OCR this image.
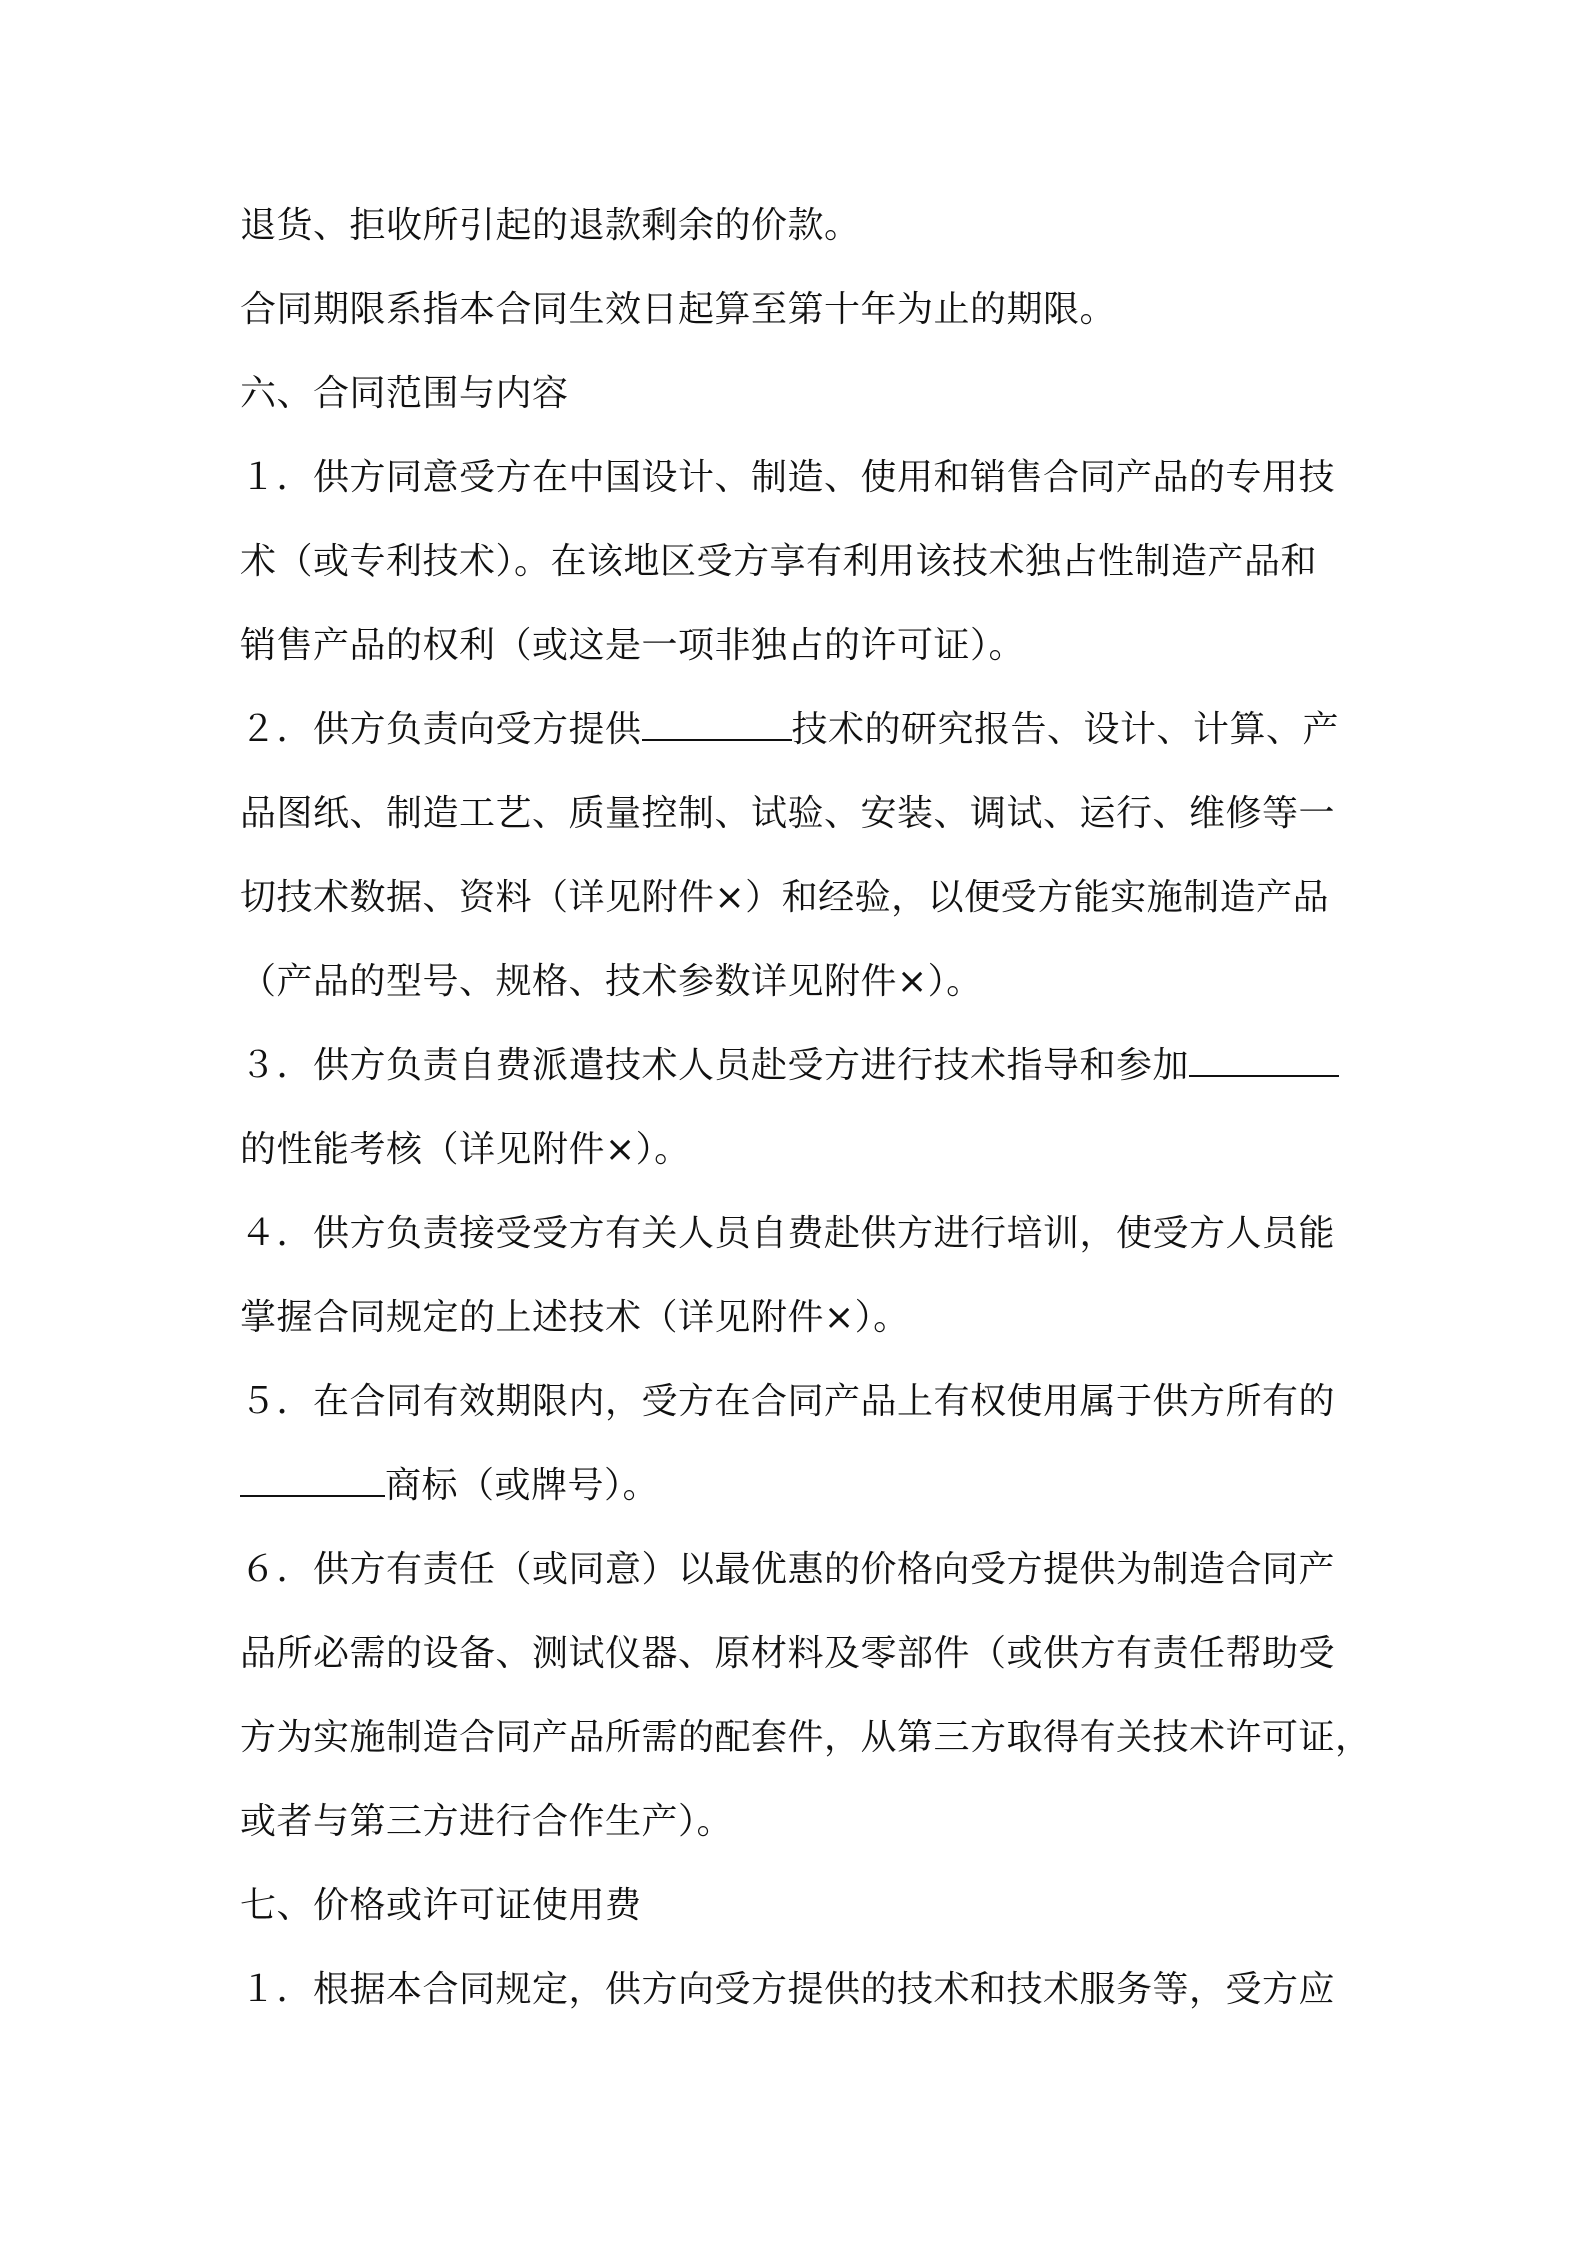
退货、拒收所引起的退款剩余的价款。
合同期限系指本合同生效日起算至第十年为止的期限。
六、合同范围与内容
１．供方同意受方在中国设计、制造、使用和销售合同产品的专用技
术（或专利技术）。在该地区受方享有利用该技术独占性制造产品和
销售产品的权利（或这是一项非独占的许可证）。
２．供方负责向受方提供	技术的研究报告、设计、计算、产
品图纸、制造工艺、质量控制、试验、安装、调试、运行、维修等一
切技术数据、资料（详见附件×）和经验，以便受方能实施制造产品
（产品的型号、规格、技术参数详见附件×）。
３．供方负责自费派遣技术人员赴受方进行技术指导和参加
的性能考核（详见附件×）。
４．供方负责接受受方有关人员自费赴供方进行培训，使受方人员能
掌握合同规定的上述技术（详见附件×）。
５．在合同有效期限内，受方在合同产品上有权使用属于供方所有的
商标（或牌号）。
６．供方有责任（或同意）以最优惠的价格向受方提供为制造合同产
品所必需的设备、测试仪器、原材料及零部件（或供方有责任帮助受
方为实施制造合同产品所需的配套件，从第三方取得有关技术许可证，
或者与第三方进行合作生产）。
七、价格或许可证使用费
１．根据本合同规定，供方向受方提供的技术和技术服务等，受方应
